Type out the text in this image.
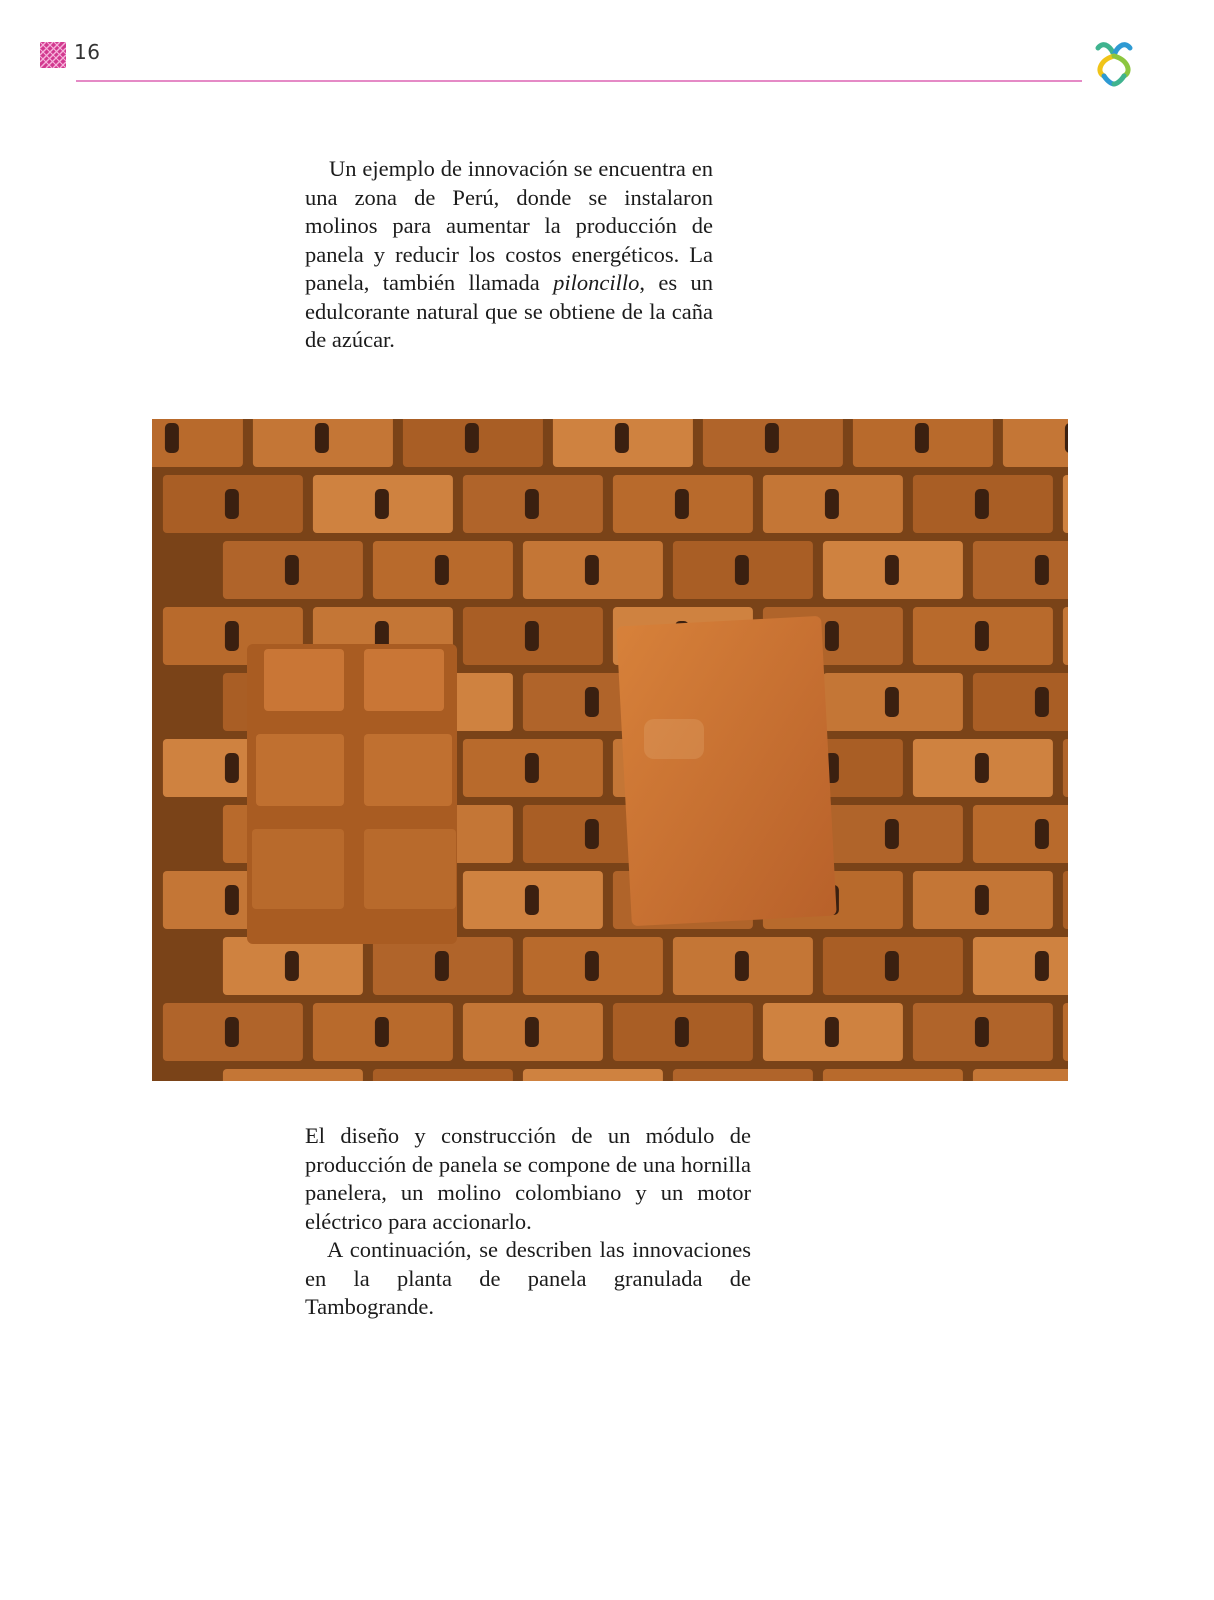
16
Un ejemplo de innovación se encuentra en una zona de Perú, donde se instalaron molinos para aumentar la producción de panela y reducir los costos energéticos. La panela, también llamada piloncillo, es un edulcorante natural que se obtiene de la caña de azúcar.

El diseño y construcción de un módulo de producción de panela se compone de una hornilla panelera, un molino colombiano y un motor eléctrico para accionarlo.

A continuación, se describen las innovaciones en la planta de panela granulada de Tambogrande.
